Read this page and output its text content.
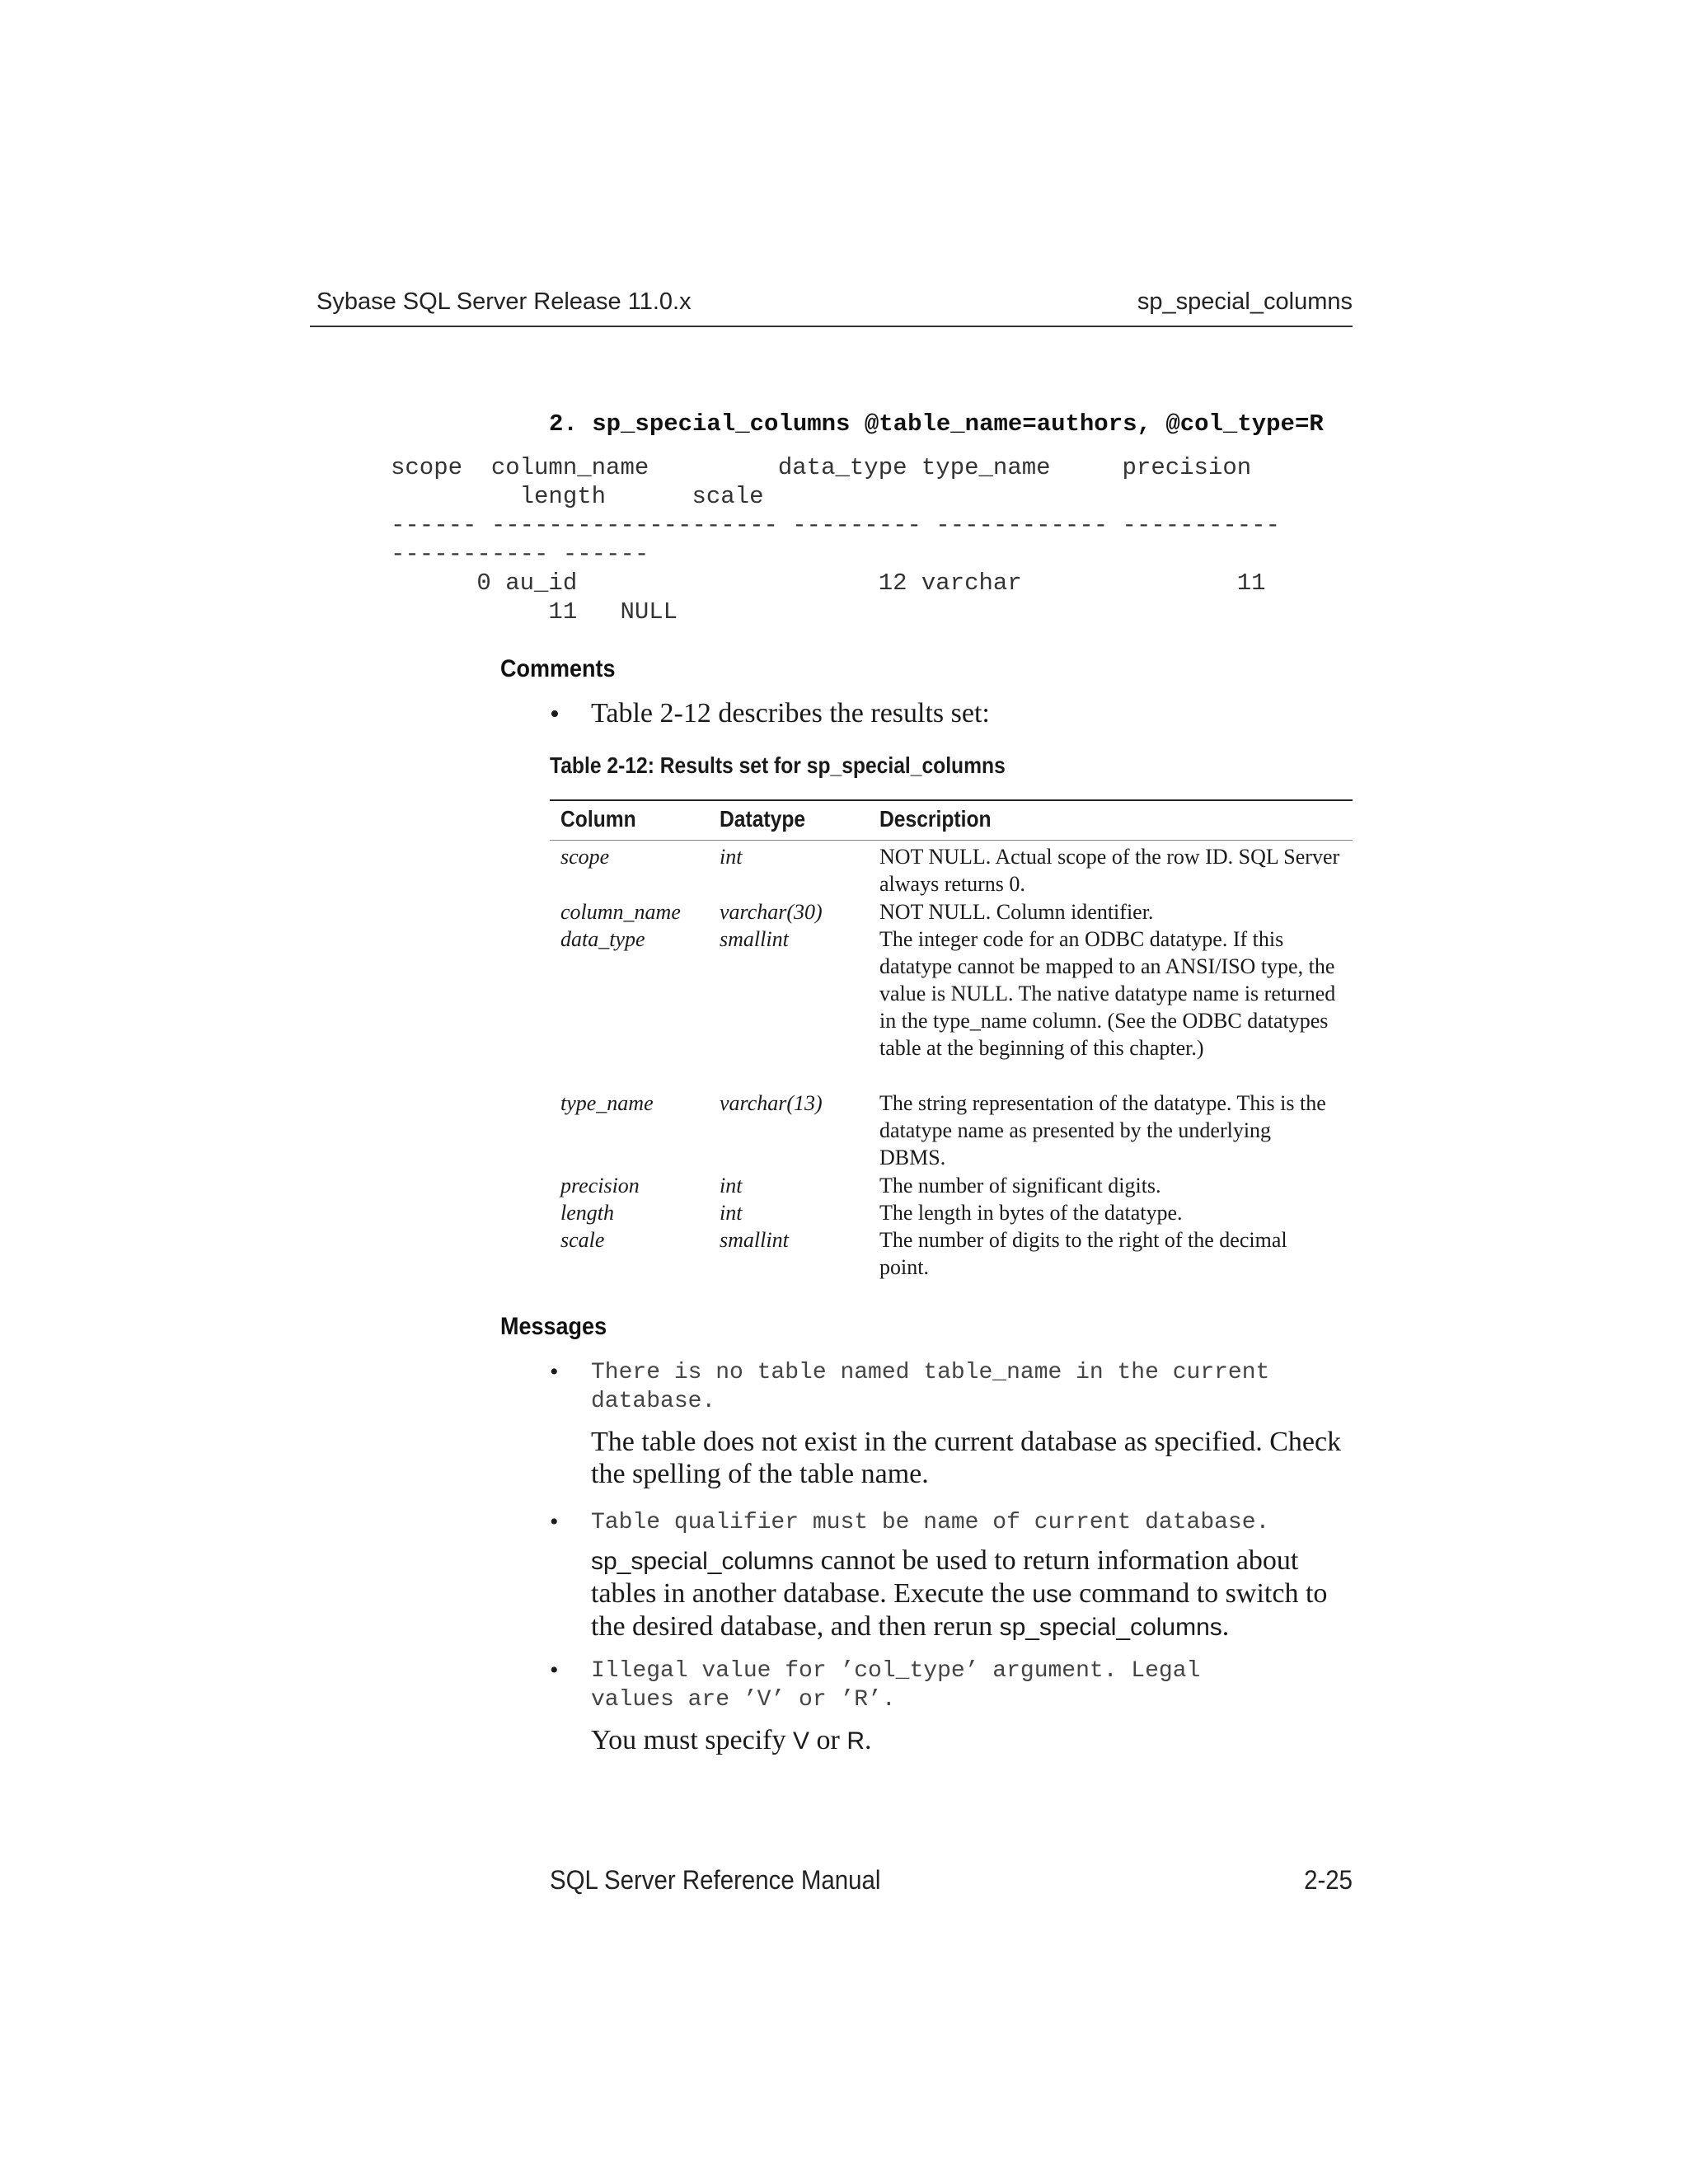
Sybase SQL Server Release 11.0.x	sp_special_columns
2. sp_special_columns @table_name=authors, @col_type=R
scope  column_name         data_type type_name     precision
length      scale
------ -------------------- --------- ------------ -----------
----------- ------
0 au_id                     12 varchar               11
11   NULL
Comments
• Table 2-12 describes the results set:
Table 2-12: Results set for sp_special_columns
Column	Datatype	Description
scope	int	NOT NULL. Actual scope of the row ID. SQL Server always returns 0.
column_name varchar(30)	NOT NULL. Column identifier.
data_type	smallint	The integer code for an ODBC datatype. If this datatype cannot be mapped to an ANSI/ISO type, the value is NULL. The native datatype name is returned in the type_name column. (See the ODBC datatypes table at the beginning of this chapter.)
type_name	varchar(13)	The string representation of the datatype. This is the datatype name as presented by the underlying DBMS.
precision	int	The number of significant digits.
length	int	The length in bytes of the datatype.
scale	smallint	The number of digits to the right of the decimal point.
Messages
• There is no table named table_name in the current
database.
The table does not exist in the current database as specified. Check the spelling of the table name.
• Table qualifier must be name of current database.
sp_special_columns cannot be used to return information about tables in another database. Execute the use command to switch to the desired database, and then rerun sp_special_columns.
• Illegal value for ’col_type’ argument. Legal
values are ’V’ or ’R’.
You must specify V or R.
SQL Server Reference Manual	2-25
